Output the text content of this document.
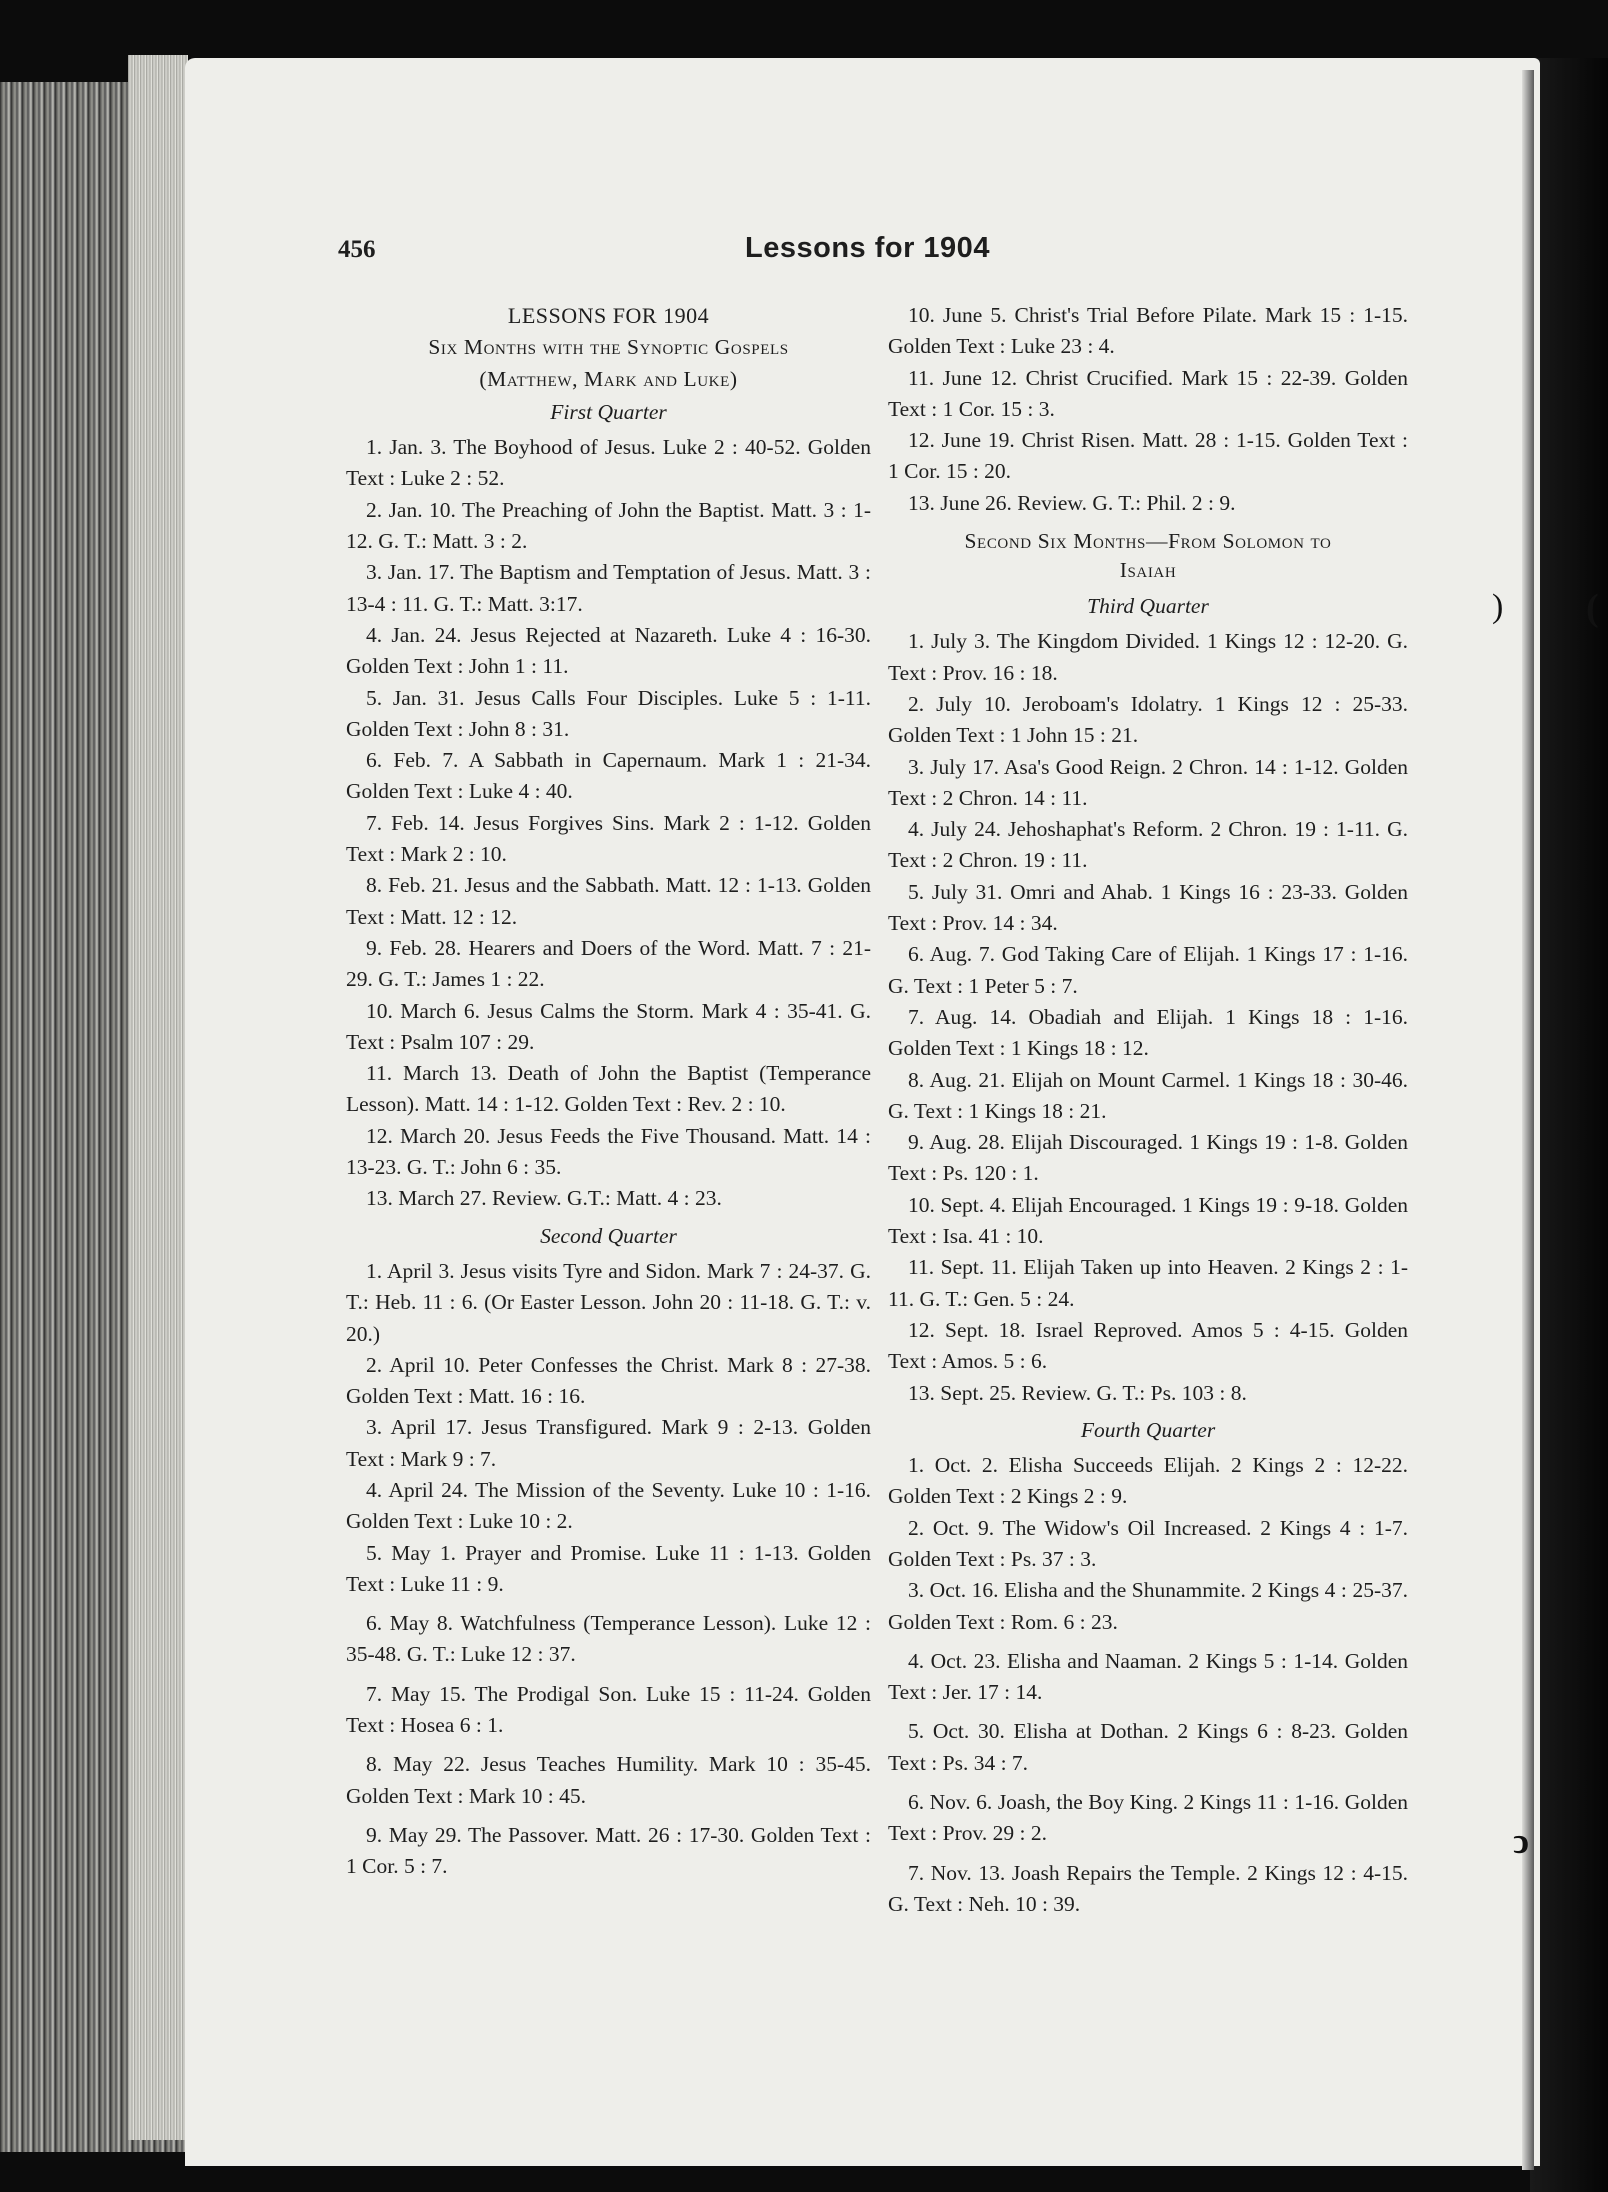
456	Lessons for 1904
) (
ↄ
LESSONS FOR 1904
Six Months with the Synoptic Gospels
(Matthew, Mark and Luke)
First Quarter

1. Jan. 3. The Boyhood of Jesus. Luke 2 : 40-52. Golden Text : Luke 2 : 52.

2. Jan. 10. The Preaching of John the Baptist. Matt. 3 : 1-12. G. T.: Matt. 3 : 2.

3. Jan. 17. The Baptism and Temptation of Jesus. Matt. 3 : 13-4 : 11. G. T.: Matt. 3:17.

4. Jan. 24. Jesus Rejected at Nazareth. Luke 4 : 16-30. Golden Text : John 1 : 11.

5. Jan. 31. Jesus Calls Four Disciples. Luke 5 : 1-11. Golden Text : John 8 : 31.

6. Feb. 7. A Sabbath in Capernaum. Mark 1 : 21-34. Golden Text : Luke 4 : 40.

7. Feb. 14. Jesus Forgives Sins. Mark 2 : 1-12. Golden Text : Mark 2 : 10.

8. Feb. 21. Jesus and the Sabbath. Matt. 12 : 1-13. Golden Text : Matt. 12 : 12.

9. Feb. 28. Hearers and Doers of the Word. Matt. 7 : 21-29. G. T.: James 1 : 22.

10. March 6. Jesus Calms the Storm. Mark 4 : 35-41. G. Text : Psalm 107 : 29.

11. March 13. Death of John the Baptist (Temperance Lesson). Matt. 14 : 1-12. Golden Text : Rev. 2 : 10.

12. March 20. Jesus Feeds the Five Thousand. Matt. 14 : 13-23. G. T.: John 6 : 35.

13. March 27. Review. G.T.: Matt. 4 : 23.

Second Quarter

1. April 3. Jesus visits Tyre and Sidon. Mark 7 : 24-37. G. T.: Heb. 11 : 6. (Or Easter Lesson. John 20 : 11-18. G. T.: v. 20.)

2. April 10. Peter Confesses the Christ. Mark 8 : 27-38. Golden Text : Matt. 16 : 16.

3. April 17. Jesus Transfigured. Mark 9 : 2-13. Golden Text : Mark 9 : 7.

4. April 24. The Mission of the Seventy. Luke 10 : 1-16. Golden Text : Luke 10 : 2.

5. May 1. Prayer and Promise. Luke 11 : 1-13. Golden Text : Luke 11 : 9.

6. May 8. Watchfulness (Temperance Lesson). Luke 12 : 35-48. G. T.: Luke 12 : 37.

7. May 15. The Prodigal Son. Luke 15 : 11-24. Golden Text : Hosea 6 : 1.

8. May 22. Jesus Teaches Humility. Mark 10 : 35-45. Golden Text : Mark 10 : 45.

9. May 29. The Passover. Matt. 26 : 17-30. Golden Text : 1 Cor. 5 : 7.

10. June 5. Christ's Trial Before Pilate. Mark 15 : 1-15. Golden Text : Luke 23 : 4.

11. June 12. Christ Crucified. Mark 15 : 22-39. Golden Text : 1 Cor. 15 : 3.

12. June 19. Christ Risen. Matt. 28 : 1-15. Golden Text : 1 Cor. 15 : 20.

13. June 26. Review. G. T.: Phil. 2 : 9.

Second Six Months—From Solomon to
Isaiah
Third Quarter

1. July 3. The Kingdom Divided. 1 Kings 12 : 12-20. G. Text : Prov. 16 : 18.

2. July 10. Jeroboam's Idolatry. 1 Kings 12 : 25-33. Golden Text : 1 John 15 : 21.

3. July 17. Asa's Good Reign. 2 Chron. 14 : 1-12. Golden Text : 2 Chron. 14 : 11.

4. July 24. Jehoshaphat's Reform. 2 Chron. 19 : 1-11. G. Text : 2 Chron. 19 : 11.

5. July 31. Omri and Ahab. 1 Kings 16 : 23-33. Golden Text : Prov. 14 : 34.

6. Aug. 7. God Taking Care of Elijah. 1 Kings 17 : 1-16. G. Text : 1 Peter 5 : 7.

7. Aug. 14. Obadiah and Elijah. 1 Kings 18 : 1-16. Golden Text : 1 Kings 18 : 12.

8. Aug. 21. Elijah on Mount Carmel. 1 Kings 18 : 30-46. G. Text : 1 Kings 18 : 21.

9. Aug. 28. Elijah Discouraged. 1 Kings 19 : 1-8. Golden Text : Ps. 120 : 1.

10. Sept. 4. Elijah Encouraged. 1 Kings 19 : 9-18. Golden Text : Isa. 41 : 10.

11. Sept. 11. Elijah Taken up into Heaven. 2 Kings 2 : 1-11. G. T.: Gen. 5 : 24.

12. Sept. 18. Israel Reproved. Amos 5 : 4-15. Golden Text : Amos. 5 : 6.

13. Sept. 25. Review. G. T.: Ps. 103 : 8.

Fourth Quarter

1. Oct. 2. Elisha Succeeds Elijah. 2 Kings 2 : 12-22. Golden Text : 2 Kings 2 : 9.

2. Oct. 9. The Widow's Oil Increased. 2 Kings 4 : 1-7. Golden Text : Ps. 37 : 3.

3. Oct. 16. Elisha and the Shunammite. 2 Kings 4 : 25-37. Golden Text : Rom. 6 : 23.

4. Oct. 23. Elisha and Naaman. 2 Kings 5 : 1-14. Golden Text : Jer. 17 : 14.

5. Oct. 30. Elisha at Dothan. 2 Kings 6 : 8-23. Golden Text : Ps. 34 : 7.

6. Nov. 6. Joash, the Boy King. 2 Kings 11 : 1-16. Golden Text : Prov. 29 : 2.

7. Nov. 13. Joash Repairs the Temple. 2 Kings 12 : 4-15. G. Text : Neh. 10 : 39.
